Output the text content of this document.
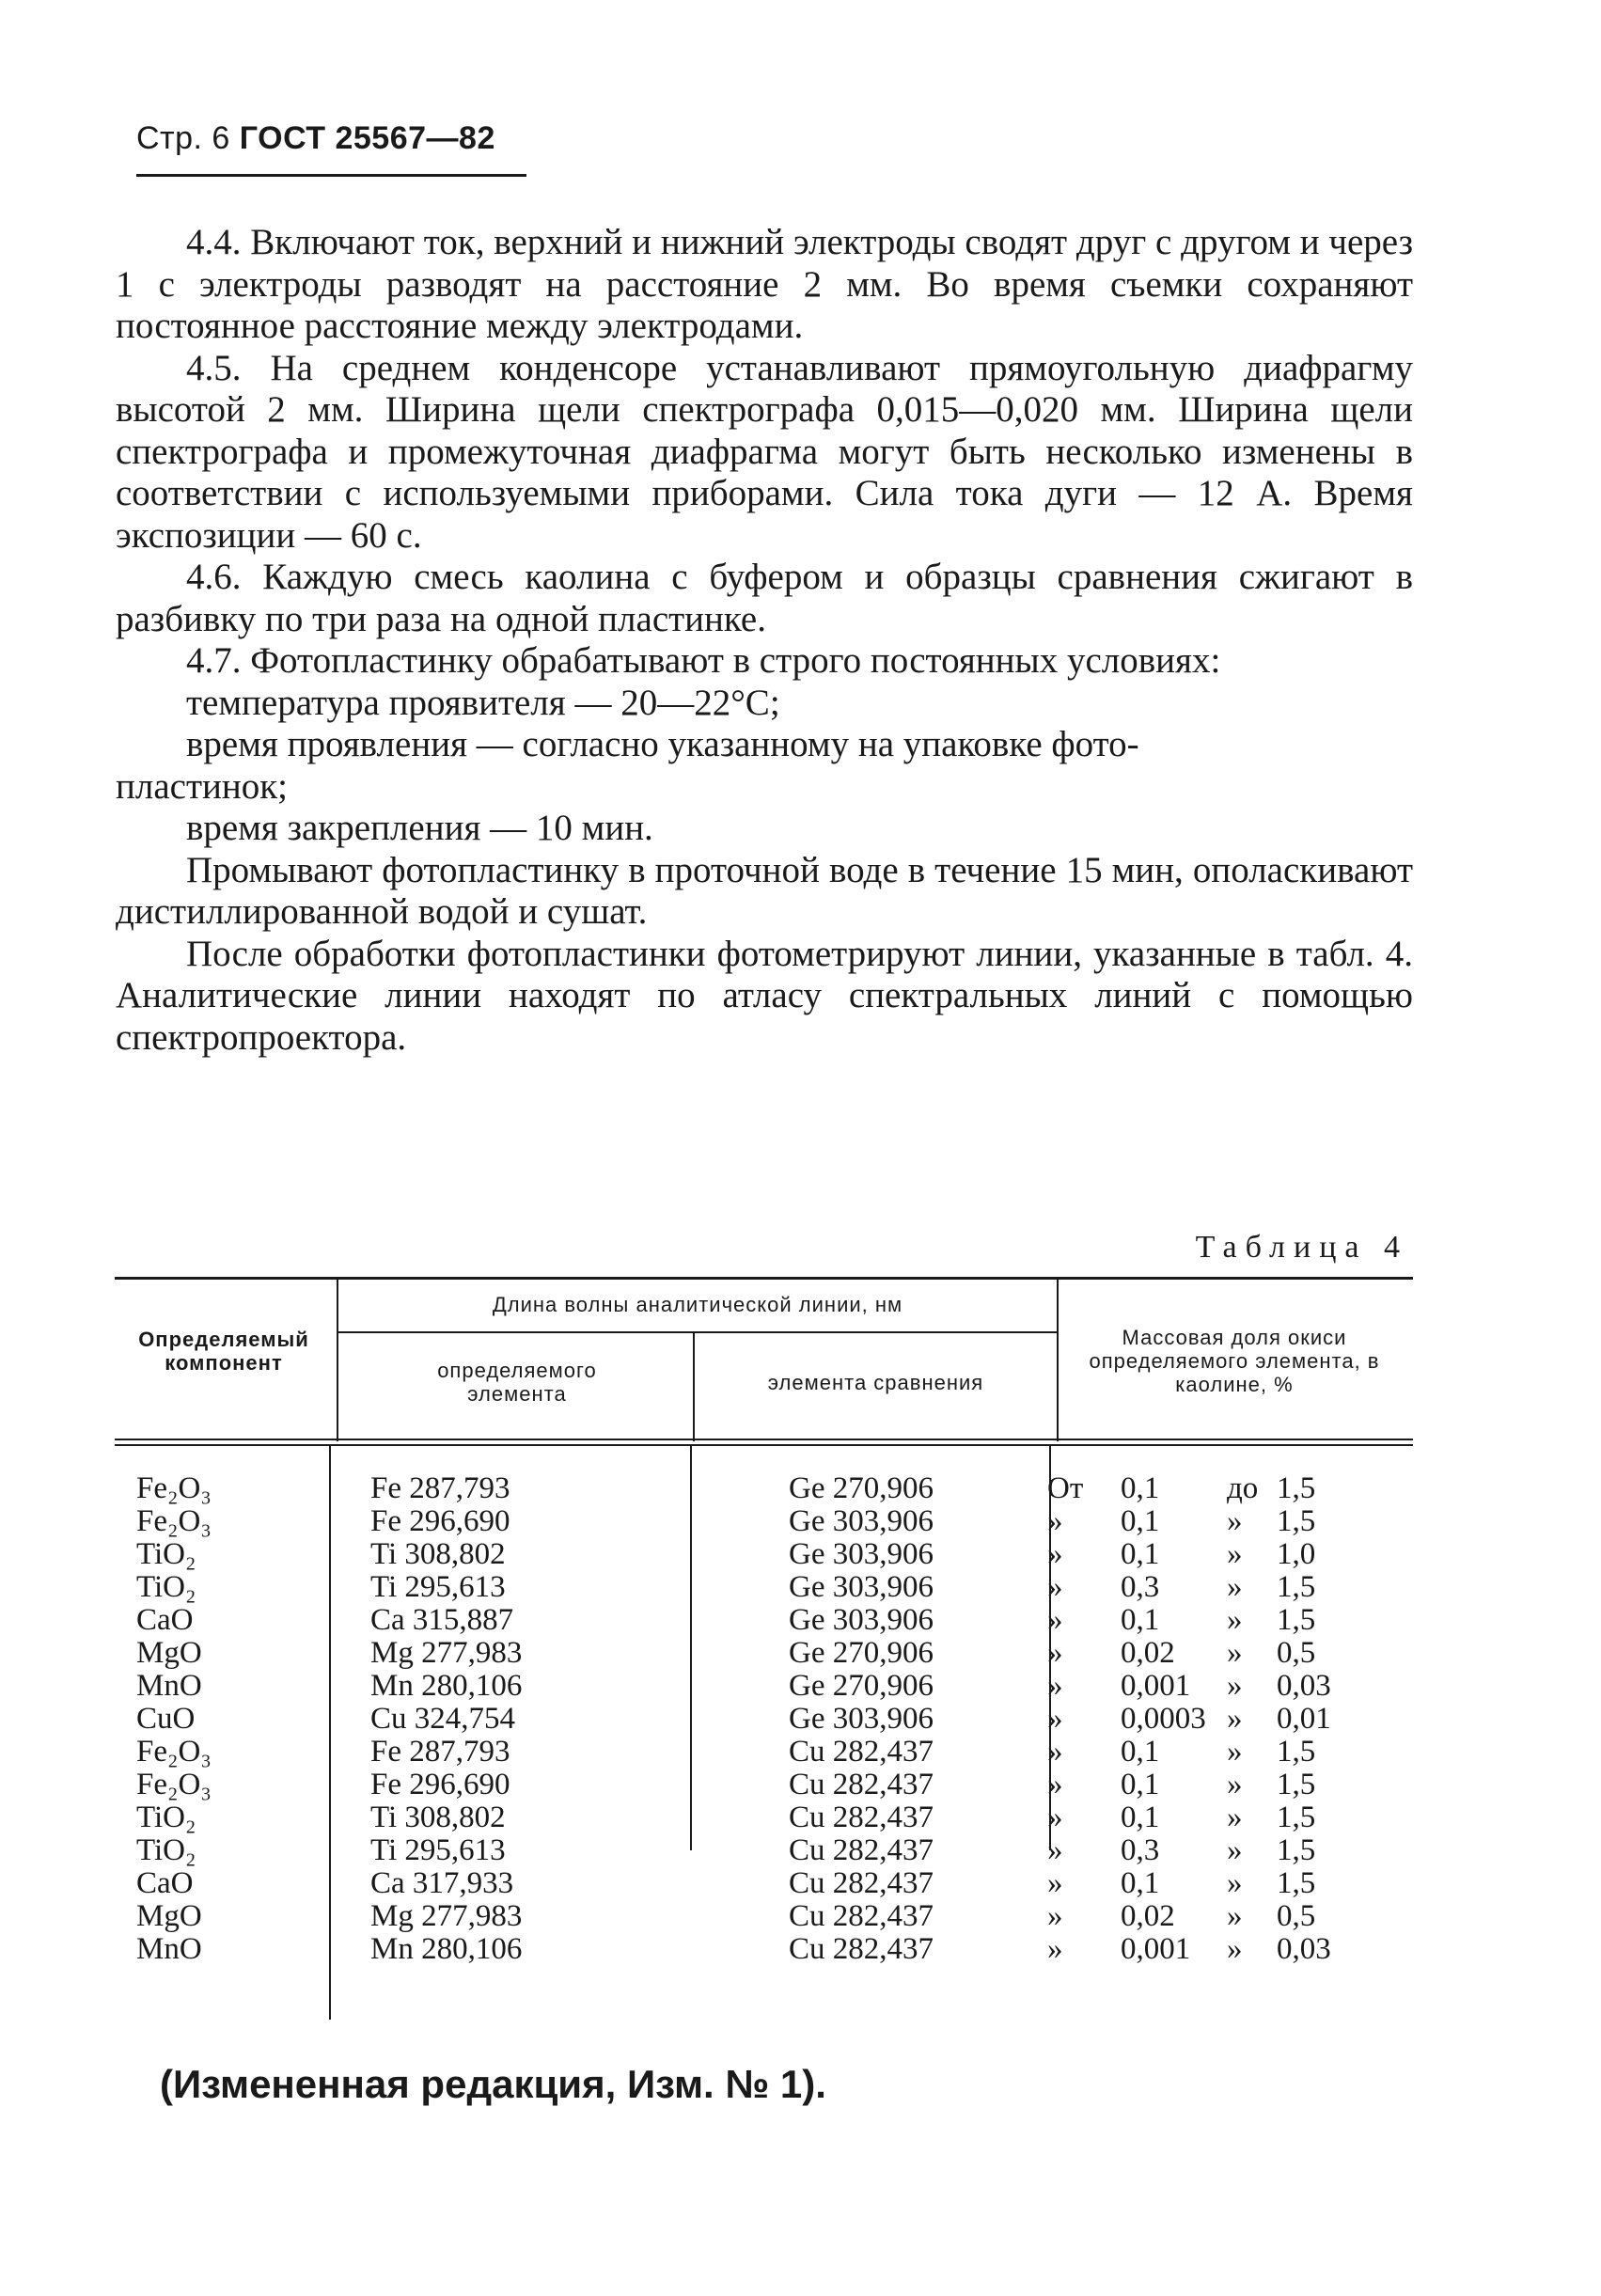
Стр. 6 ГОСТ 25567—82

4.4. Включают ток, верхний и нижний электроды сводят друг с другом и через 1 с электроды разводят на расстояние 2 мм. Во время съемки сохраняют постоянное расстояние между электродами.

4.5. На среднем конденсоре устанавливают прямоугольную диафрагму высотой 2 мм. Ширина щели спектрографа 0,015—0,020 мм. Ширина щели спектрографа и промежуточная диафрагма могут быть несколько изменены в соответствии с используемыми приборами. Сила тока дуги — 12 А. Время экспозиции — 60 с.

4.6. Каждую смесь каолина с буфером и образцы сравнения сжигают в разбивку по три раза на одной пластинке.

4.7. Фотопластинку обрабатывают в строго постоянных условиях:

температура проявителя — 20—22°С;

время проявления — согласно указанному на упаковке фото-

пластинок;

время закрепления — 10 мин.

Промывают фотопластинку в проточной воде в течение 15 мин, ополаскивают дистиллированной водой и сушат.

После обработки фотопластинки фотометрируют линии, указанные в табл. 4. Аналитические линии находят по атласу спектральных линий с помощью спектропроектора.

Таблица 4
Определяемый компонент
Длина волны аналитической линии, нм
определяемого элемента	элемента сравнения
Массовая доля окиси определяемого элемента, в каолине, %
Fe₂O₃	Fe 287,793	Ge 270,906	От 0,1 до 1,5
Fe₂O₃	Fe 296,690	Ge 303,906	» 0,1 » 1,5
TiO₂	Ti 308,802	Ge 303,906	» 0,1 » 1,0
TiO₂	Ti 295,613	Ge 303,906	» 0,3 » 1,5
CaO	Ca 315,887	Ge 303,906	» 0,1 » 1,5
MgO	Mg 277,983	Ge 270,906	» 0,02 » 0,5
MnO	Mn 280,106	Ge 270,906	» 0,001 » 0,03
CuO	Cu 324,754	Ge 303,906	» 0,0003 » 0,01
Fe₂O₃	Fe 287,793	Cu 282,437	» 0,1 » 1,5
Fe₂O₃	Fe 296,690	Cu 282,437	» 0,1 » 1,5
TiO₂	Ti 308,802	Cu 282,437	» 0,1 » 1,5
TiO₂	Ti 295,613	Cu 282,437	» 0,3 » 1,5
CaO	Ca 317,933	Cu 282,437	» 0,1 » 1,5
MgO	Mg 277,983	Cu 282,437	» 0,02 » 0,5
MnO	Mn 280,106	Cu 282,437	» 0,001 » 0,03
(Измененная редакция, Изм. № 1).
